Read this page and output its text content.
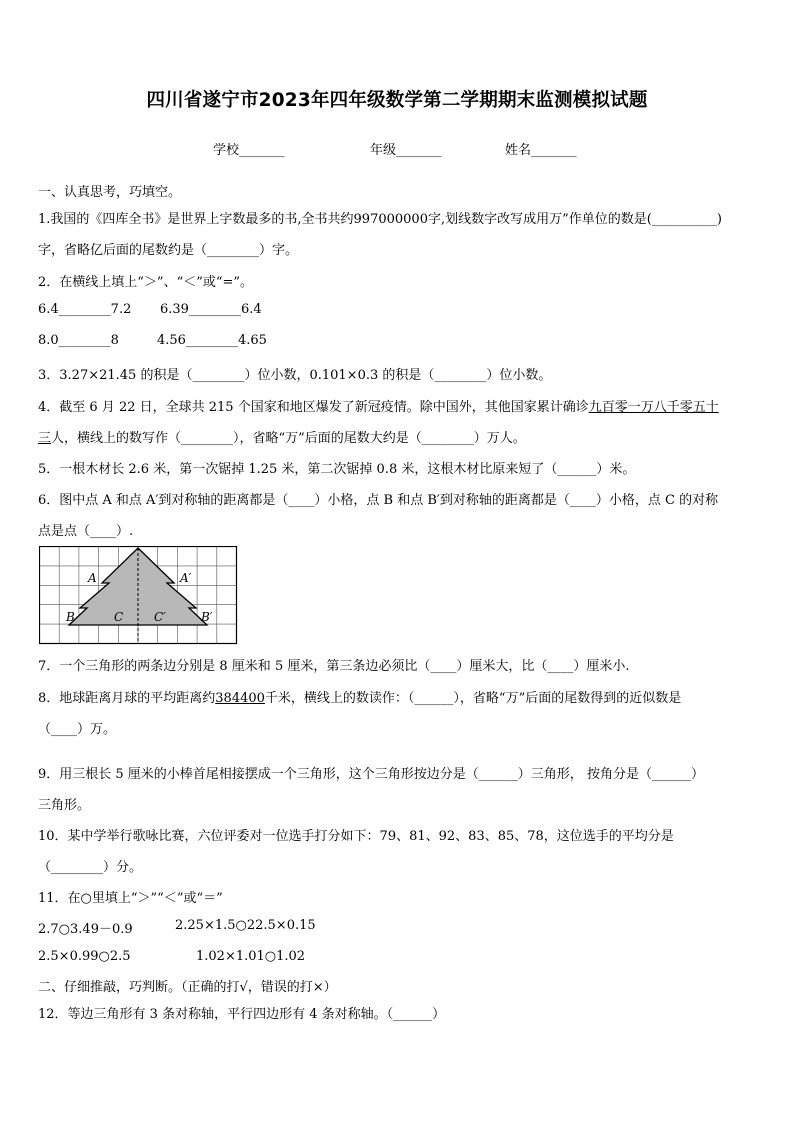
四川省遂宁市2023年四年级数学第二学期期末监测模拟试题
学校_______	年级_______	姓名_______
一、认真思考，巧填空。
1.我国的《四库全书》是世界上字数最多的书,全书共约997000000字,划线数字改写成用万”作单位的数是(__________)
字，省略亿后面的尾数约是（________）字。
2．在横线上填上“＞”、“＜”或“=”。
6.4________7.2 6.39________6.4
8.0________8	4.56________4.65
3．3.27×21.45 的积是（________）位小数，0.101×0.3 的积是（________）位小数。
4．截至 6 月 22 日，全球共 215 个国家和地区爆发了新冠疫情。除中国外，其他国家累计确诊九百零一万八千零五十
三人，横线上的数写作（________），省略“万”后面的尾数大约是（________）万人。
5．一根木材长 2.6 米，第一次锯掉 1.25 米，第二次锯掉 0.8 米，这根木材比原来短了（______）米。
6．图中点 A 和点 A′到对称轴的距离都是（____）小格，点 B 和点 B′到对称轴的距离都是（____）小格，点 C 的对称
点是点（____）.
A	A′
B	B′
C	C′
7．一个三角形的两条边分别是 8 厘米和 5 厘米，第三条边必须比（____）厘米大，比（____）厘米小.
8．地球距离月球的平均距离约384400千米，横线上的数读作：（______），省略“万”后面的尾数得到的近似数是
（____）万。
9．用三根长 5 厘米的小棒首尾相接摆成一个三角形，这个三角形按边分是（______）三角形， 按角分是（______）
三角形。
10．某中学举行歌咏比赛，六位评委对一位选手打分如下：79、81、92、83、85、78，这位选手的平均分是
（________）分。
11．在○里填上“＞”“＜”或“＝”
2.7○3.49－0.9	2.25×1.5○22.5×0.15
2.5×0.99○2.5	1.02×1.01○1.02
二、仔细推敲，巧判断。（正确的打√，错误的打×）
12．等边三角形有 3 条对称轴，平行四边形有 4 条对称轴。（______）
